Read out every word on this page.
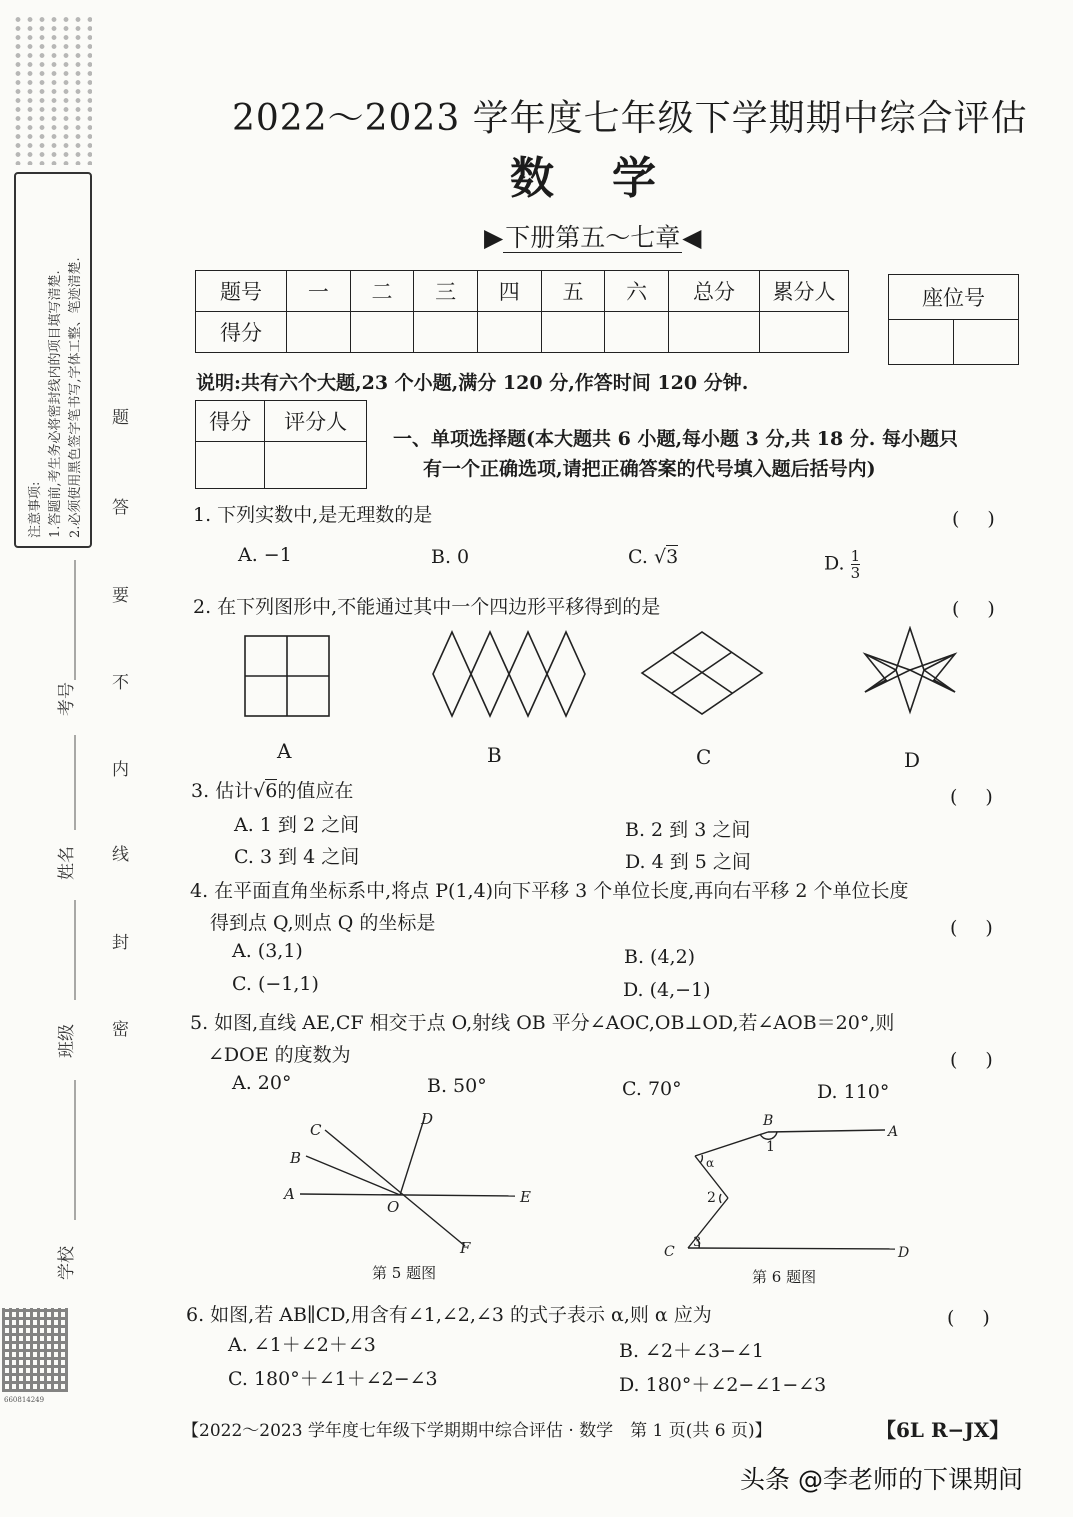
注意事项: 1.答题前,考生务必将密封线内的项目填写清楚. 2.必须使用黑色签字笔书写,字体工整、笔迹清楚. 题
答
要
不
内
线
封
密
考号
姓名
班级
学校
660814249
2022～2023 学年度七年级下学期期中综合评估
数学
▶下册第五～七章◀
题号	一	二	三	四	五	六	总分	累分人
得分								
座位号

说明:共有六个大题,23 个小题,满分 120 分,作答时间 120 分钟.
得分	评分人

一、单项选择题(本大题共 6 小题,每小题 3 分,共 18 分. 每小题只
有一个正确选项,请把正确答案的代号填入题后括号内)
1. 下列实数中,是无理数的是	()
A. −1	B. 0	C. √3	D. $\frac{1}{3}$
2. 在下列图形中,不能通过其中一个四边形平移得到的是	()
A	B	C	D
3. 估计√6的值应在	()
A. 1 到 2 之间	B. 2 到 3 之间
C. 3 到 4 之间	D. 4 到 5 之间
4. 在平面直角坐标系中,将点 P(1,4)向下平移 3 个单位长度,再向右平移 2 个单位长度
得到点 Q,则点 Q 的坐标是	()
A. (3,1)	B. (4,2)
C. (−1,1)	D. (4,−1)
5. 如图,直线 AE,CF 相交于点 O,射线 OB 平分∠AOC,OB⊥OD,若∠AOB＝20°,则
∠DOE 的度数为	()
A. 20°	B. 50°	C. 70°	D. 110°
C
B
A
D
O
E
F
第 5 题图
B
A
C	D
1
α
2
3
第 6 题图
6. 如图,若 AB∥CD,用含有∠1,∠2,∠3 的式子表示 α,则 α 应为	()
A. ∠1＋∠2＋∠3	B. ∠2＋∠3−∠1
C. 180°＋∠1＋∠2−∠3	D. 180°＋∠2−∠1−∠3
【2022～2023 学年度七年级下学期期中综合评估 · 数学　第 1 页(共 6 页)】	【6L R−JX】
头条 @李老师的下课期间
